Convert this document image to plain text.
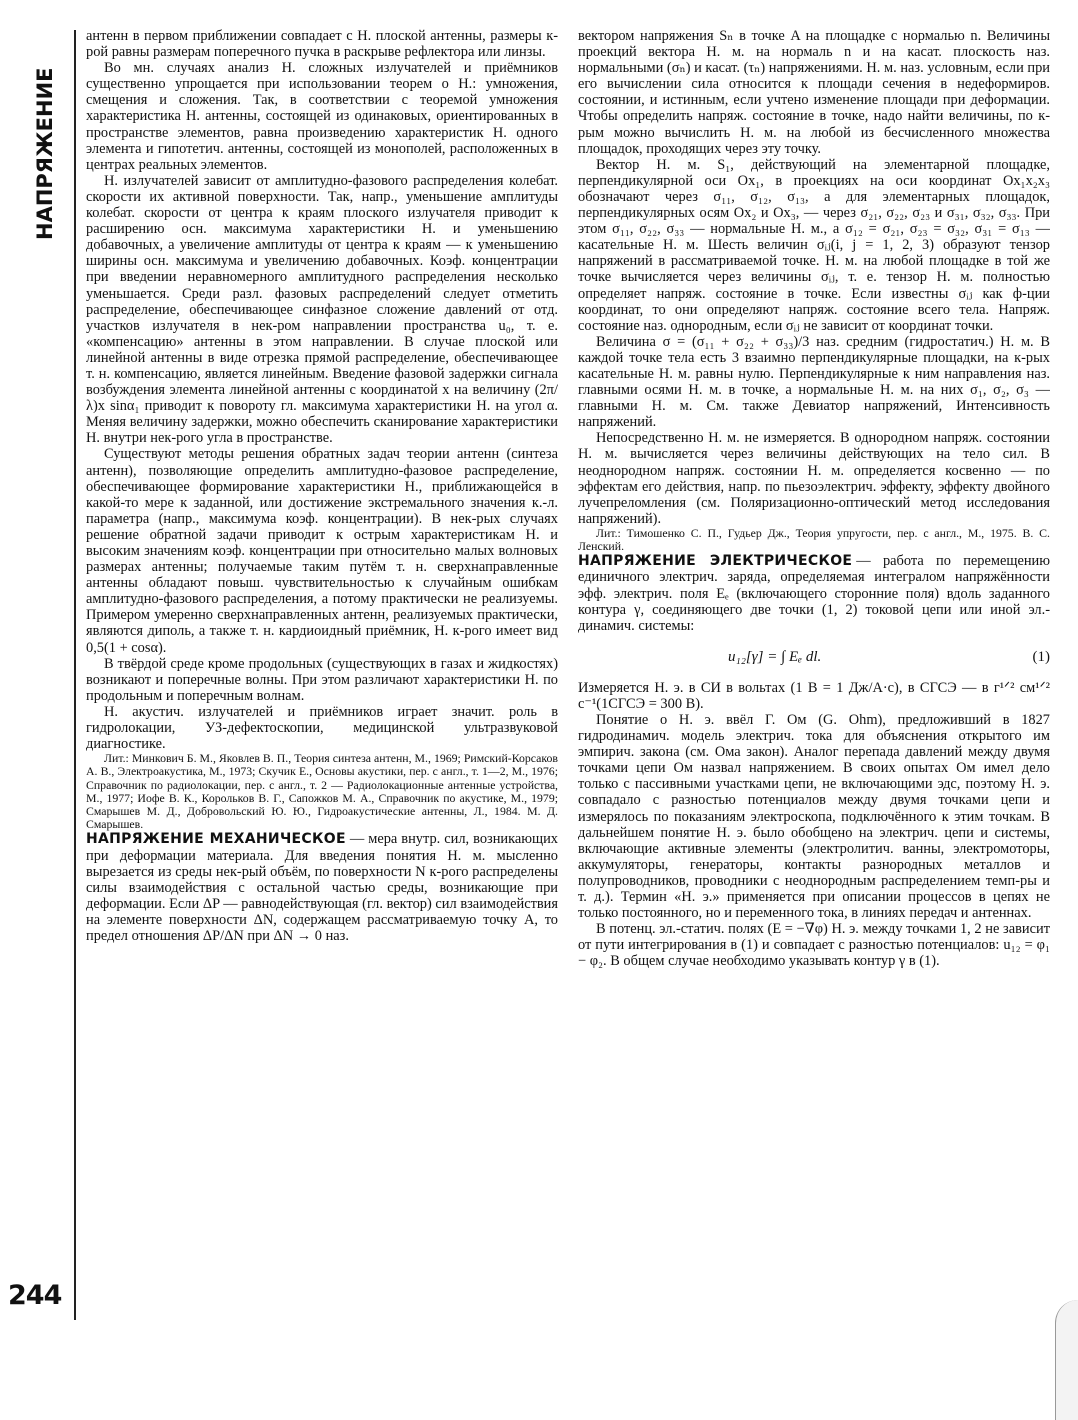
НАПРЯЖЕНИЕ
244

антенн в первом приближении совпадает с Н. плоской антенны, размеры к-рой равны размерам поперечного пучка в раскрыве рефлектора или линзы.

Во мн. случаях анализ Н. сложных излучателей и приёмников существенно упрощается при использовании теорем о Н.: умножения, смещения и сложения. Так, в соответствии с теоремой умножения характеристика Н. антенны, состоящей из одинаковых, ориентированных в пространстве элементов, равна произведению характеристик Н. одного элемента и гипотетич. антенны, состоящей из монополей, расположенных в центрах реальных элементов.

Н. излучателей зависит от амплитудно-фазового распределения колебат. скорости их активной поверхности. Так, напр., уменьшение амплитуды колебат. скорости от центра к краям плоского излучателя приводит к расширению осн. максимума характеристики Н. и уменьшению добавочных, а увеличение амплитуды от центра к краям — к уменьшению ширины осн. максимума и увеличению добавочных. Коэф. концентрации при введении неравномерного амплитудного распределения несколько уменьшается. Среди разл. фазовых распределений следует отметить распределение, обеспечивающее синфазное сложение давлений от отд. участков излучателя в нек-ром направлении пространства u₀, т. е. «компенсацию» антенны в этом направлении. В случае плоской или линейной антенны в виде отрезка прямой распределение, обеспечивающее т. н. компенсацию, является линейным. Введение фазовой задержки сигнала возбуждения элемента линейной антенны с координатой x на величину (2π/λ)x sinα₁ приводит к повороту гл. максимума характеристики Н. на угол α. Меняя величину задержки, можно обеспечить сканирование характеристики Н. внутри нек-рого угла в пространстве.

Существуют методы решения обратных задач теории антенн (синтеза антенн), позволяющие определить амплитудно-фазовое распределение, обеспечивающее формирование характеристики Н., приближающейся в какой-то мере к заданной, или достижение экстремального значения к.-л. параметра (напр., максимума коэф. концентрации). В нек-рых случаях решение обратной задачи приводит к острым характеристикам Н. и высоким значениям коэф. концентрации при относительно малых волновых размерах антенны; получаемые таким путём т. н. сверхнаправленные антенны обладают повыш. чувствительностью к случайным ошибкам амплитудно-фазового распределения, а потому практически не реализуемы. Примером умеренно сверхнаправленных антенн, реализуемых практически, являются диполь, а также т. н. кардиоидный приёмник, Н. к-рого имеет вид 0,5(1 + cosα).

В твёрдой среде кроме продольных (существующих в газах и жидкостях) возникают и поперечные волны. При этом различают характеристики Н. по продольным и поперечным волнам.

Н. акустич. излучателей и приёмников играет значит. роль в гидролокации, УЗ-дефектоскопии, медицинской ультразвуковой диагностике.

Лит.: Минкович Б. М., Яковлев В. П., Теория синтеза антенн, М., 1969; Римский-Корсаков А. В., Электроакустика, М., 1973; Скучик Е., Основы акустики, пер. с англ., т. 1—2, М., 1976; Справочник по радиолокации, пер. с англ., т. 2 — Радиолокационные антенные устройства, М., 1977; Иофе В. К., Корольков В. Г., Сапожков М. А., Справочник по акустике, М., 1979; Смарышев М. Д., Добровольский Ю. Ю., Гидроакустические антенны, Л., 1984. М. Д. Смарышев.

НАПРЯЖЕНИЕ МЕХАНИЧЕСКОЕ — мера внутр. сил, возникающих при деформации материала. Для введения понятия Н. м. мысленно вырезается из среды нек-рый объём, по поверхности N к-рого распределены силы взаимодействия с остальной частью среды, возникающие при деформации. Если ΔP — равнодействующая (гл. вектор) сил взаимодействия на элементе поверхности ΔN, содержащем рассматриваемую точку A, то предел отношения ΔP/ΔN при ΔN → 0 наз.

вектором напряжения Sₙ в точке A на площадке с нормалью n. Величины проекций вектора Н. м. на нормаль n и на касат. плоскость наз. нормальными (σₙ) и касат. (τₙ) напряжениями. Н. м. наз. условным, если при его вычислении сила относится к площади сечения в недеформиров. состоянии, и истинным, если учтено изменение площади при деформации. Чтобы определить напряж. состояние в точке, надо найти величины, по к-рым можно вычислить Н. м. на любой из бесчисленного множества площадок, проходящих через эту точку.

Вектор Н. м. S₁, действующий на элементарной площадке, перпендикулярной оси Ox₁, в проекциях на оси координат Ox₁x₂x₃ обозначают через σ₁₁, σ₁₂, σ₁₃, а для элементарных площадок, перпендикулярных осям Ox₂ и Ox₃, — через σ₂₁, σ₂₂, σ₂₃ и σ₃₁, σ₃₂, σ₃₃. При этом σ₁₁, σ₂₂, σ₃₃ — нормальные Н. м., а σ₁₂ = σ₂₁, σ₂₃ = σ₃₂, σ₃₁ = σ₁₃ — касательные Н. м. Шесть величин σᵢⱼ(i, j = 1, 2, 3) образуют тензор напряжений в рассматриваемой точке. Н. м. на любой площадке в той же точке вычисляется через величины σᵢⱼ, т. е. тензор Н. м. полностью определяет напряж. состояние в точке. Если известны σᵢⱼ как ф-ции координат, то они определяют напряж. состояние всего тела. Напряж. состояние наз. однородным, если σᵢⱼ не зависит от координат точки.

Величина σ = (σ₁₁ + σ₂₂ + σ₃₃)/3 наз. средним (гидростатич.) Н. м. В каждой точке тела есть 3 взаимно перпендикулярные площадки, на к-рых касательные Н. м. равны нулю. Перпендикулярные к ним направления наз. главными осями Н. м. в точке, а нормальные Н. м. на них σ₁, σ₂, σ₃ — главными Н. м. См. также Девиатор напряжений, Интенсивность напряжений.

Непосредственно Н. м. не измеряется. В однородном напряж. состоянии Н. м. вычисляется через величины действующих на тело сил. В неоднородном напряж. состоянии Н. м. определяется косвенно — по эффектам его действия, напр. по пьезоэлектрич. эффекту, эффекту двойного лучепреломления (см. Поляризационно-оптический метод исследования напряжений).

Лит.: Тимошенко С. П., Гудьер Дж., Теория упругости, пер. с англ., М., 1975. В. С. Ленский.

НАПРЯЖЕНИЕ ЭЛЕКТРИЧЕСКОЕ — работа по перемещению единичного электрич. заряда, определяемая интегралом напряжённости эфф. электрич. поля Eₑ (включающего сторонние поля) вдоль заданного контура γ, соединяющего две точки (1, 2) токовой цепи или иной эл.-динамич. системы:

u₁₂[γ] = ∫ Eₑ dl.	(1)

Измеряется Н. э. в СИ в вольтах (1 В = 1 Дж/А·с), в СГСЭ — в г¹ᐟ² см¹ᐟ² с⁻¹(1СГСЭ = 300 В).

Понятие о Н. э. ввёл Г. Ом (G. Ohm), предложивший в 1827 гидродинамич. модель электрич. тока для объяснения открытого им эмпирич. закона (см. Ома закон). Аналог перепада давлений между двумя точками цепи Ом назвал напряжением. В своих опытах Ом имел дело только с пассивными участками цепи, не включающими эдс, поэтому Н. э. совпадало с разностью потенциалов между двумя точками цепи и измерялось по показаниям электроскопа, подключённого к этим точкам. В дальнейшем понятие Н. э. было обобщено на электрич. цепи и системы, включающие активные элементы (электролитич. ванны, электромоторы, аккумуляторы, генераторы, контакты разнородных металлов и полупроводников, проводники с неоднородным распределением темп-ры и т. д.). Термин «Н. э.» применяется при описании процессов в цепях не только постоянного, но и переменного тока, в линиях передач и антеннах.

В потенц. эл.-статич. полях (E = −∇φ) Н. э. между точками 1, 2 не зависит от пути интегрирования в (1) и совпадает с разностью потенциалов: u₁₂ = φ₁ − φ₂. В общем случае необходимо указывать контур γ в (1).
